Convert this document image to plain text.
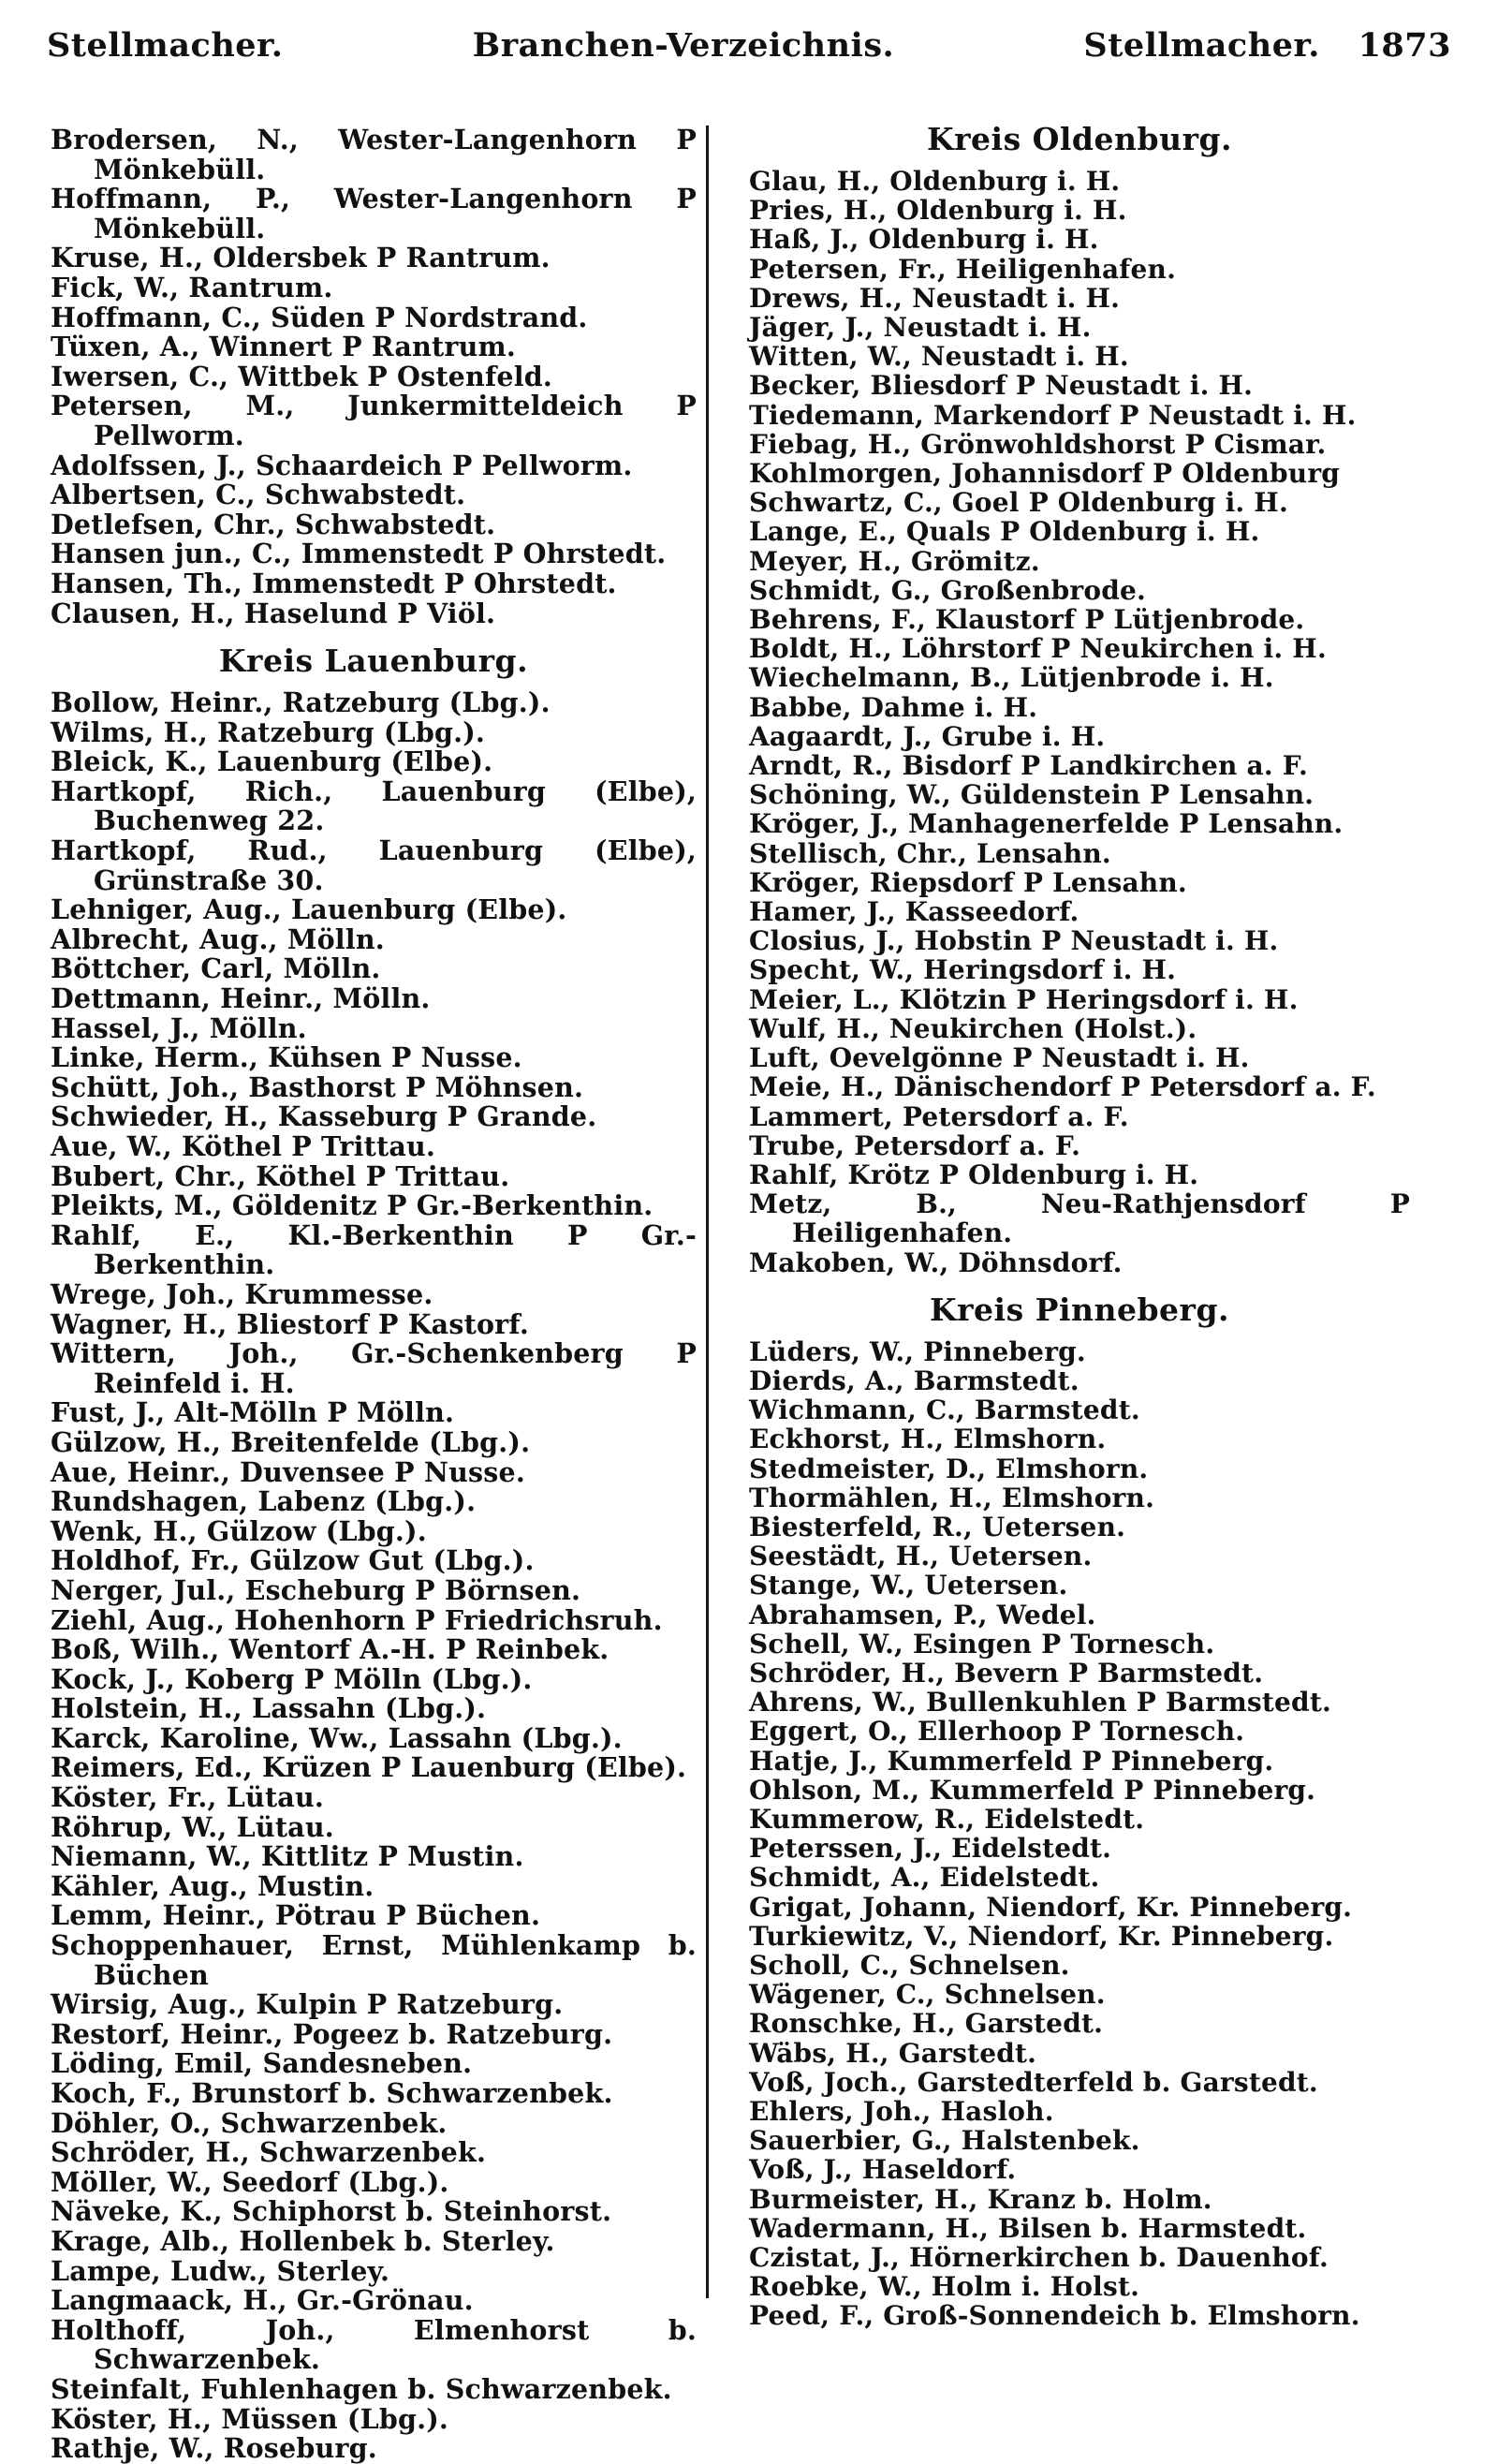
Stellmacher.	Branchen-Verzeichnis.	Stellmacher. 1873
Brodersen, N., Wester-Langenhorn P Mönkebüll.
Hoffmann, P., Wester-Langenhorn P Mönkebüll.
Kruse, H., Oldersbek P Rantrum.
Fick, W., Rantrum.
Hoffmann, C., Süden P Nordstrand.
Tüxen, A., Winnert P Rantrum.
Iwersen, C., Wittbek P Ostenfeld.
Petersen, M., Junkermitteldeich P Pellworm.
Adolfssen, J., Schaardeich P Pellworm.
Albertsen, C., Schwabstedt.
Detlefsen, Chr., Schwabstedt.
Hansen jun., C., Immenstedt P Ohrstedt.
Hansen, Th., Immenstedt P Ohrstedt.
Clausen, H., Haselund P Viöl.
Kreis Lauenburg.
Bollow, Heinr., Ratzeburg (Lbg.).
Wilms, H., Ratzeburg (Lbg.).
Bleick, K., Lauenburg (Elbe).
Hartkopf, Rich., Lauenburg (Elbe), Buchenweg 22.
Hartkopf, Rud., Lauenburg (Elbe), Grünstraße 30.
Lehniger, Aug., Lauenburg (Elbe).
Albrecht, Aug., Mölln.
Böttcher, Carl, Mölln.
Dettmann, Heinr., Mölln.
Hassel, J., Mölln.
Linke, Herm., Kühsen P Nusse.
Schütt, Joh., Basthorst P Möhnsen.
Schwieder, H., Kasseburg P Grande.
Aue, W., Köthel P Trittau.
Bubert, Chr., Köthel P Trittau.
Pleikts, M., Göldenitz P Gr.-Berkenthin.
Rahlf, E., Kl.-Berkenthin P Gr.-Berkenthin.
Wrege, Joh., Krummesse.
Wagner, H., Bliestorf P Kastorf.
Wittern, Joh., Gr.-Schenkenberg P Reinfeld i. H.
Fust, J., Alt-Mölln P Mölln.
Gülzow, H., Breitenfelde (Lbg.).
Aue, Heinr., Duvensee P Nusse.
Rundshagen, Labenz (Lbg.).
Wenk, H., Gülzow (Lbg.).
Holdhof, Fr., Gülzow Gut (Lbg.).
Nerger, Jul., Escheburg P Börnsen.
Ziehl, Aug., Hohenhorn P Friedrichsruh.
Boß, Wilh., Wentorf A.-H. P Reinbek.
Kock, J., Koberg P Mölln (Lbg.).
Holstein, H., Lassahn (Lbg.).
Karck, Karoline, Ww., Lassahn (Lbg.).
Reimers, Ed., Krüzen P Lauenburg (Elbe).
Köster, Fr., Lütau.
Röhrup, W., Lütau.
Niemann, W., Kittlitz P Mustin.
Kähler, Aug., Mustin.
Lemm, Heinr., Pötrau P Büchen.
Schoppenhauer, Ernst, Mühlenkamp b. Büchen
Wirsig, Aug., Kulpin P Ratzeburg.
Restorf, Heinr., Pogeez b. Ratzeburg.
Löding, Emil, Sandesneben.
Koch, F., Brunstorf b. Schwarzenbek.
Döhler, O., Schwarzenbek.
Schröder, H., Schwarzenbek.
Möller, W., Seedorf (Lbg.).
Näveke, K., Schiphorst b. Steinhorst.
Krage, Alb., Hollenbek b. Sterley.
Lampe, Ludw., Sterley.
Langmaack, H., Gr.-Grönau.
Holthoff, Joh., Elmenhorst b. Schwarzenbek.
Steinfalt, Fuhlenhagen b. Schwarzenbek.
Köster, H., Müssen (Lbg.).
Rathje, W., Roseburg.
Kreis Oldenburg.
Glau, H., Oldenburg i. H.
Pries, H., Oldenburg i. H.
Haß, J., Oldenburg i. H.
Petersen, Fr., Heiligenhafen.
Drews, H., Neustadt i. H.
Jäger, J., Neustadt i. H.
Witten, W., Neustadt i. H.
Becker, Bliesdorf P Neustadt i. H.
Tiedemann, Markendorf P Neustadt i. H.
Fiebag, H., Grönwohldshorst P Cismar.
Kohlmorgen, Johannisdorf P Oldenburg
Schwartz, C., Goel P Oldenburg i. H.
Lange, E., Quals P Oldenburg i. H.
Meyer, H., Grömitz.
Schmidt, G., Großenbrode.
Behrens, F., Klaustorf P Lütjenbrode.
Boldt, H., Löhrstorf P Neukirchen i. H.
Wiechelmann, B., Lütjenbrode i. H.
Babbe, Dahme i. H.
Aagaardt, J., Grube i. H.
Arndt, R., Bisdorf P Landkirchen a. F.
Schöning, W., Güldenstein P Lensahn.
Kröger, J., Manhagenerfelde P Lensahn.
Stellisch, Chr., Lensahn.
Kröger, Riepsdorf P Lensahn.
Hamer, J., Kasseedorf.
Closius, J., Hobstin P Neustadt i. H.
Specht, W., Heringsdorf i. H.
Meier, L., Klötzin P Heringsdorf i. H.
Wulf, H., Neukirchen (Holst.).
Luft, Oevelgönne P Neustadt i. H.
Meie, H., Dänischendorf P Petersdorf a. F.
Lammert, Petersdorf a. F.
Trube, Petersdorf a. F.
Rahlf, Krötz P Oldenburg i. H.
Metz, B., Neu-Rathjensdorf P Heiligenhafen.
Makoben, W., Döhnsdorf.
Kreis Pinneberg.
Lüders, W., Pinneberg.
Dierds, A., Barmstedt.
Wichmann, C., Barmstedt.
Eckhorst, H., Elmshorn.
Stedmeister, D., Elmshorn.
Thormählen, H., Elmshorn.
Biesterfeld, R., Uetersen.
Seestädt, H., Uetersen.
Stange, W., Uetersen.
Abrahamsen, P., Wedel.
Schell, W., Esingen P Tornesch.
Schröder, H., Bevern P Barmstedt.
Ahrens, W., Bullenkuhlen P Barmstedt.
Eggert, O., Ellerhoop P Tornesch.
Hatje, J., Kummerfeld P Pinneberg.
Ohlson, M., Kummerfeld P Pinneberg.
Kummerow, R., Eidelstedt.
Peterssen, J., Eidelstedt.
Schmidt, A., Eidelstedt.
Grigat, Johann, Niendorf, Kr. Pinneberg.
Turkiewitz, V., Niendorf, Kr. Pinneberg.
Scholl, C., Schnelsen.
Wägener, C., Schnelsen.
Ronschke, H., Garstedt.
Wäbs, H., Garstedt.
Voß, Joch., Garstedterfeld b. Garstedt.
Ehlers, Joh., Hasloh.
Sauerbier, G., Halstenbek.
Voß, J., Haseldorf.
Burmeister, H., Kranz b. Holm.
Wadermann, H., Bilsen b. Harmstedt.
Czistat, J., Hörnerkirchen b. Dauenhof.
Roebke, W., Holm i. Holst.
Peed, F., Groß-Sonnendeich b. Elmshorn.
